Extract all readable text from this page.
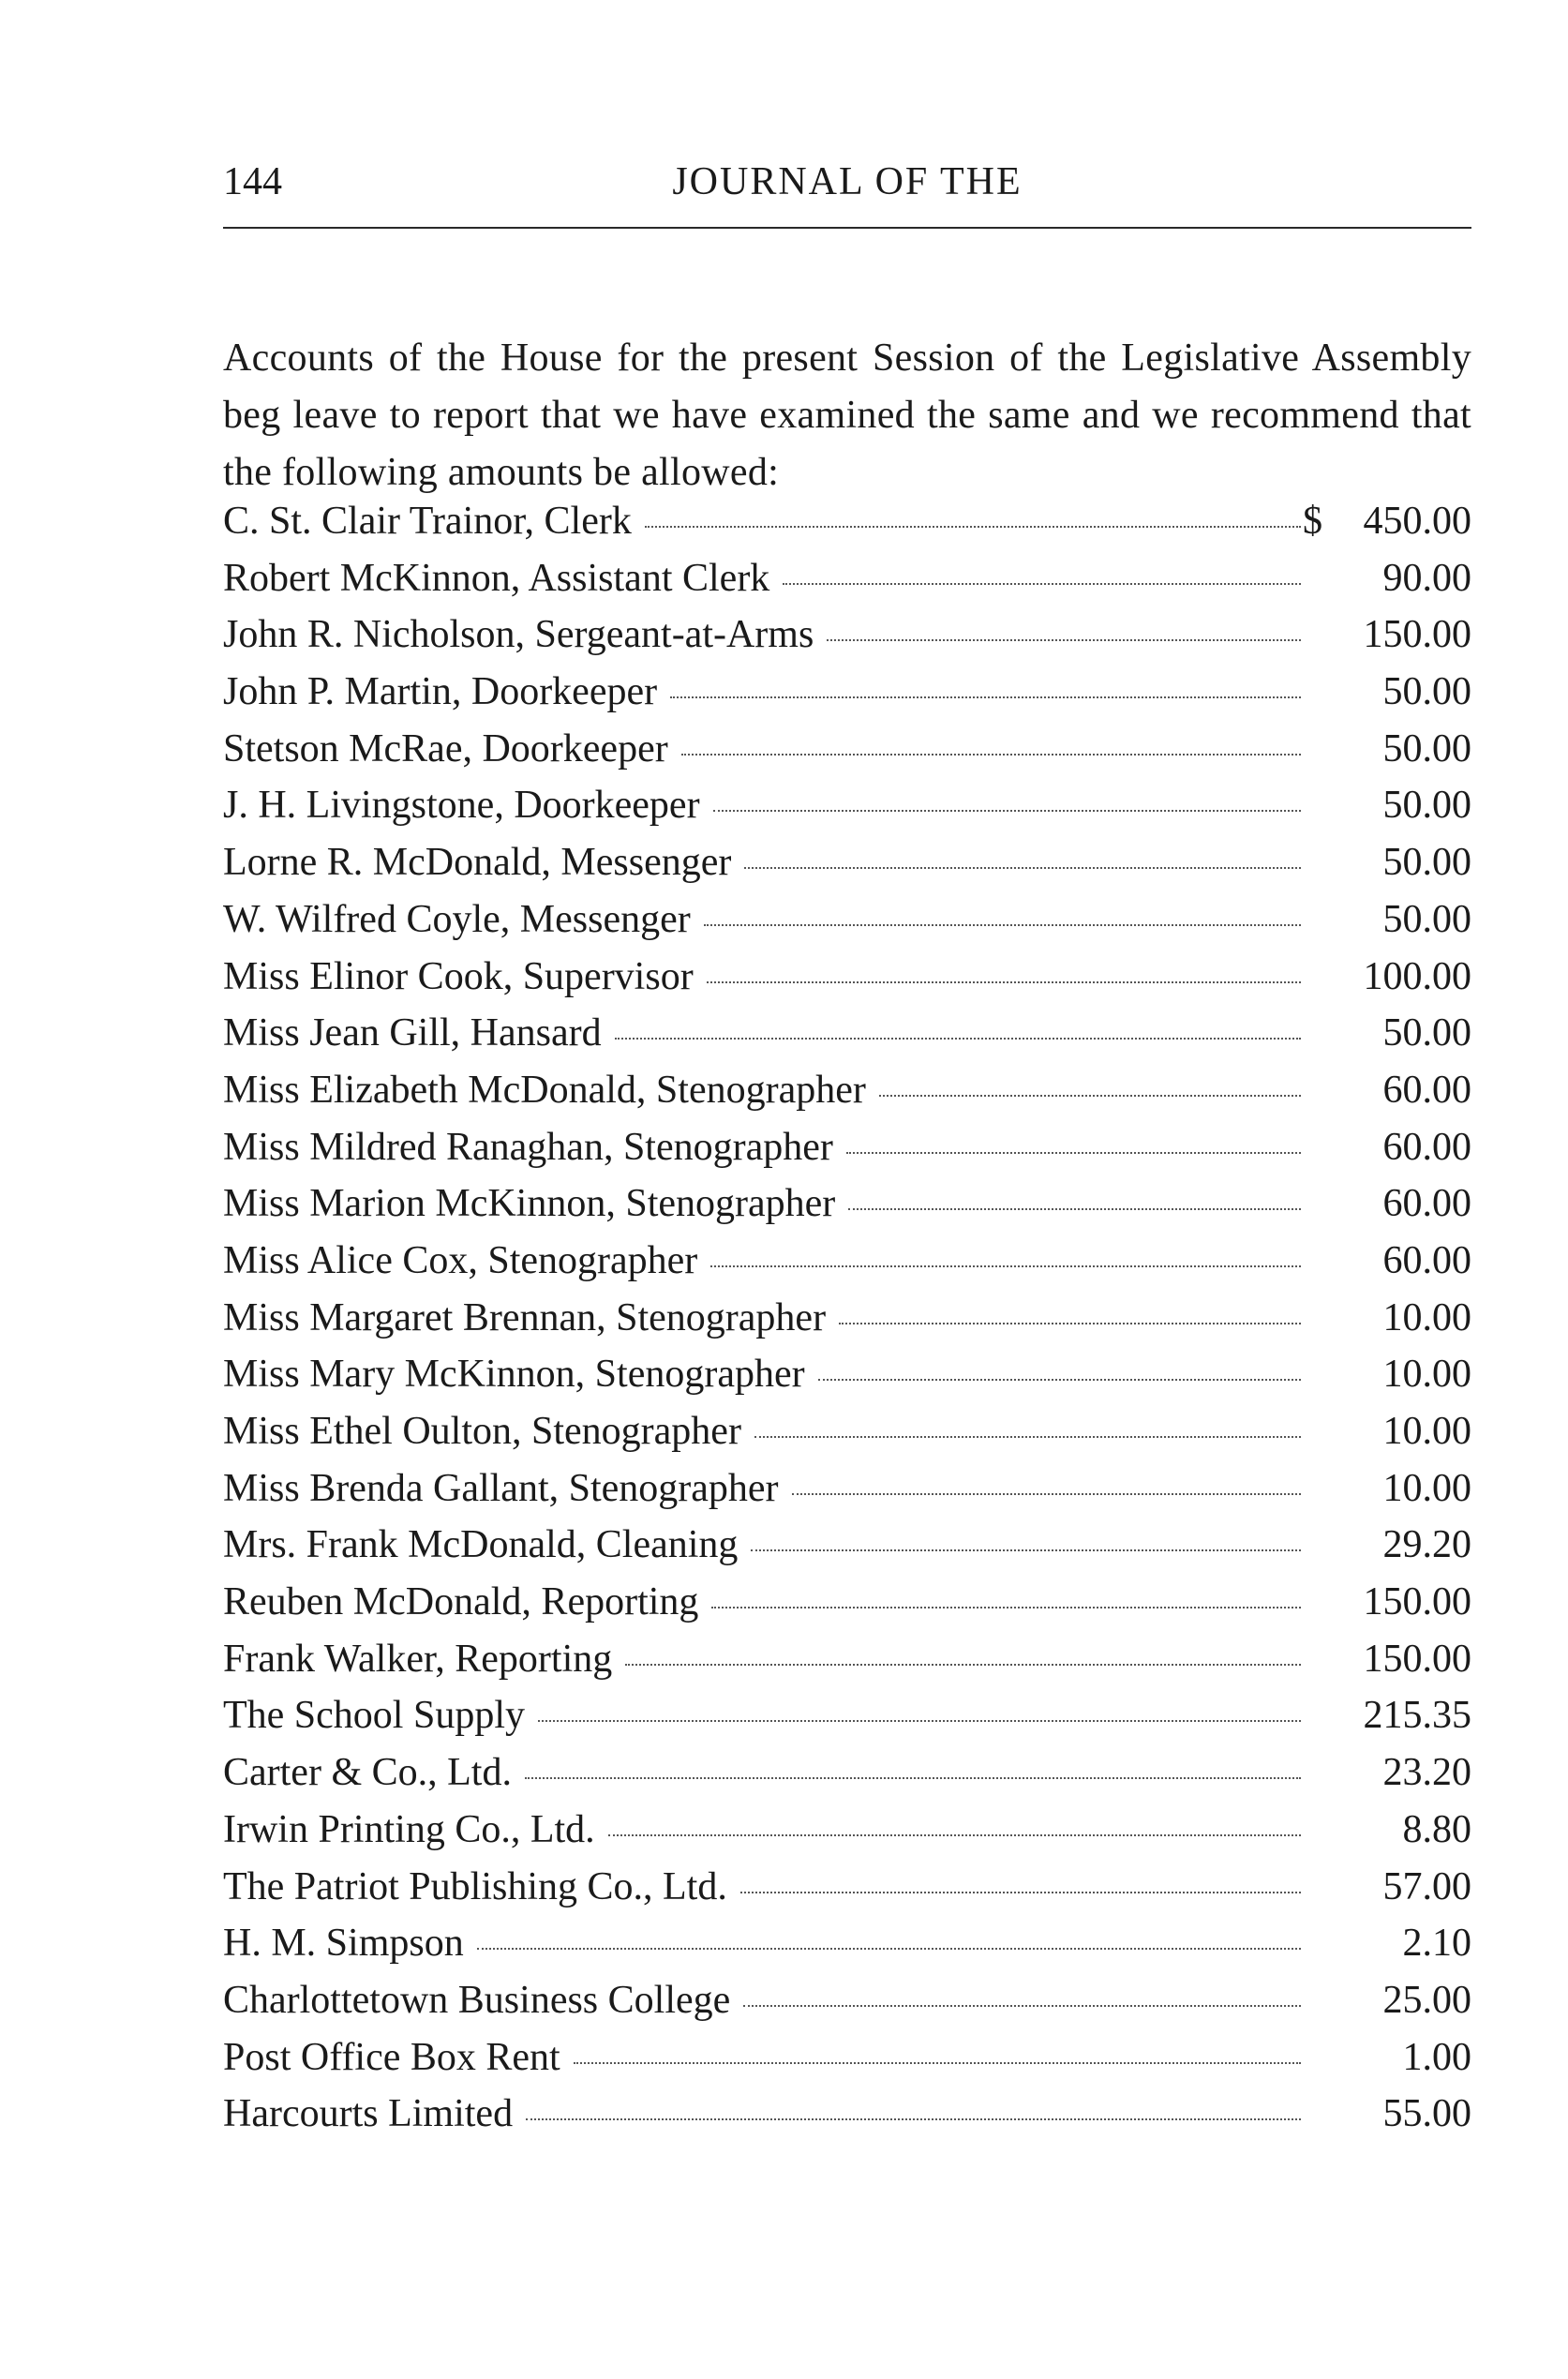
144	JOURNAL OF THE

Accounts of the House for the present Session of the Legislative Assembly beg leave to report that we have examined the same and we recommend that the following amounts be allowed:

C. St. Clair Trainor, Clerk	$	450.00
Robert McKinnon, Assistant Clerk	90.00
John R. Nicholson, Sergeant-at-Arms	150.00
John P. Martin, Doorkeeper	50.00
Stetson McRae, Doorkeeper	50.00
J. H. Livingstone, Doorkeeper	50.00
Lorne R. McDonald, Messenger	50.00
W. Wilfred Coyle, Messenger	50.00
Miss Elinor Cook, Supervisor	100.00
Miss Jean Gill, Hansard	50.00
Miss Elizabeth McDonald, Stenographer	60.00
Miss Mildred Ranaghan, Stenographer	60.00
Miss Marion McKinnon, Stenographer	60.00
Miss Alice Cox, Stenographer	60.00
Miss Margaret Brennan, Stenographer	10.00
Miss Mary McKinnon, Stenographer	10.00
Miss Ethel Oulton, Stenographer	10.00
Miss Brenda Gallant, Stenographer	10.00
Mrs. Frank McDonald, Cleaning	29.20
Reuben McDonald, Reporting	150.00
Frank Walker, Reporting	150.00
The School Supply	215.35
Carter & Co., Ltd.	23.20
Irwin Printing Co., Ltd.	8.80
The Patriot Publishing Co., Ltd.	57.00
H. M. Simpson	2.10
Charlottetown Business College	25.00
Post Office Box Rent	1.00
Harcourts Limited	55.00
